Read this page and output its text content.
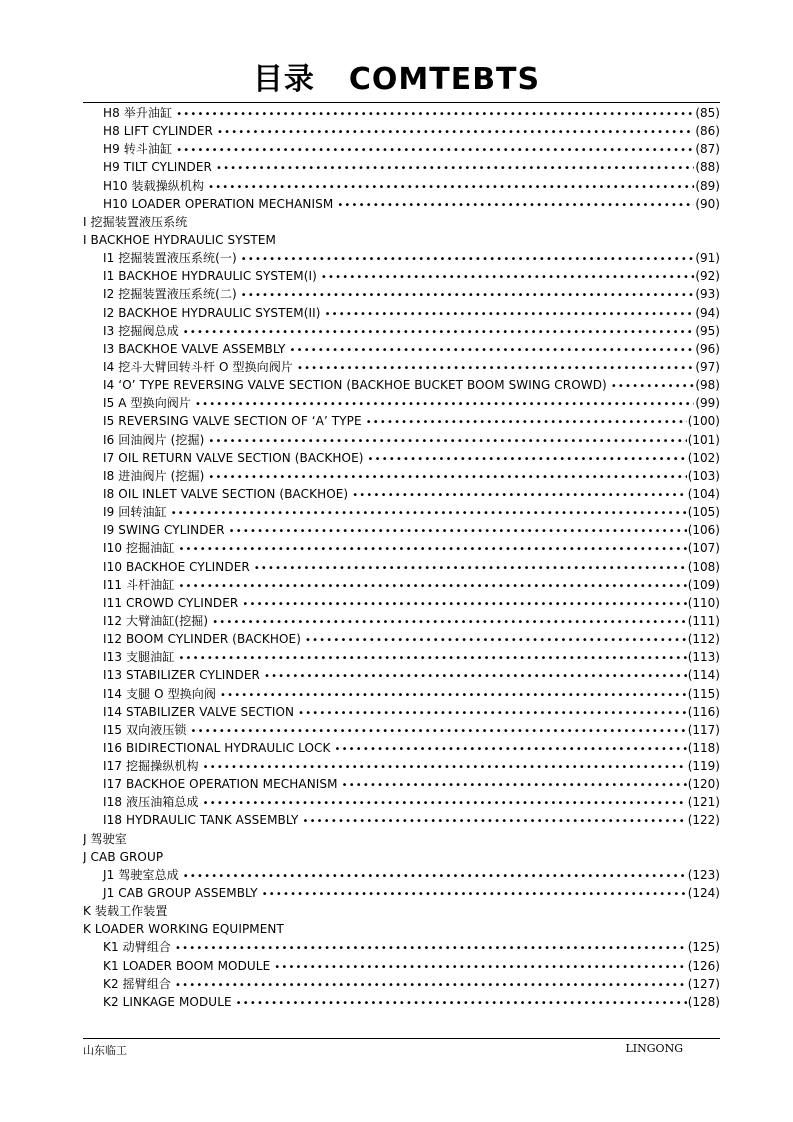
目录 COMTEBTS
H8 举升油缸 •••••	(85)
H8 LIFT CYLINDER •••••	(86)
H9 转斗油缸 •••••	(87)
H9 TILT CYLINDER •••••	(88)
H10 装载操纵机构 •••••	(89)
H10 LOADER OPERATION MECHANISM •••••	(90)
I 挖掘装置液压系统
I BACKHOE HYDRAULIC SYSTEM
I1 挖掘装置液压系统(一) •••••	(91)
I1 BACKHOE HYDRAULIC SYSTEM(I) •••••	(92)
I2 挖掘装置液压系统(二) •••••	(93)
I2 BACKHOE HYDRAULIC SYSTEM(II) •••••	(94)
I3 挖掘阀总成 •••••	(95)
I3 BACKHOE VALVE ASSEMBLY •••••	(96)
I4 挖斗大臂回转斗杆 O 型换向阀片 •••••	(97)
I4 ‘O’ TYPE REVERSING VALVE SECTION (BACKHOE BUCKET BOOM SWING CROWD) •••••	(98)
I5 A 型换向阀片 •••••	(99)
I5 REVERSING VALVE SECTION OF ‘A’ TYPE •••••	(100)
I6 回油阀片 (挖掘) •••••	(101)
I7 OIL RETURN VALVE SECTION (BACKHOE) •••••	(102)
I8 进油阀片 (挖掘) •••••	(103)
I8 OIL INLET VALVE SECTION (BACKHOE) •••••	(104)
I9 回转油缸 •••••	(105)
I9 SWING CYLINDER •••••	(106)
I10 挖掘油缸 •••••	(107)
I10 BACKHOE CYLINDER •••••	(108)
I11 斗杆油缸 •••••	(109)
I11 CROWD CYLINDER •••••	(110)
I12 大臂油缸(挖掘) •••••	(111)
I12 BOOM CYLINDER (BACKHOE) •••••	(112)
I13 支腿油缸 •••••	(113)
I13 STABILIZER CYLINDER •••••	(114)
I14 支腿 O 型换向阀 •••••	(115)
I14 STABILIZER VALVE SECTION •••••	(116)
I15 双向液压锁 •••••	(117)
I16 BIDIRECTIONAL HYDRAULIC LOCK •••••	(118)
I17 挖掘操纵机构 •••••	(119)
I17 BACKHOE OPERATION MECHANISM •••••	(120)
I18 液压油箱总成 •••••	(121)
I18 HYDRAULIC TANK ASSEMBLY •••••	(122)
J 驾驶室
J CAB GROUP
J1 驾驶室总成 •••••	(123)
J1 CAB GROUP ASSEMBLY •••••	(124)
K 装载工作装置
K LOADER WORKING EQUIPMENT
K1 动臂组合 •••••	(125)
K1 LOADER BOOM MODULE •••••	(126)
K2 摇臂组合 •••••	(127)
K2 LINKAGE MODULE •••••	(128)
山东临工	LINGONG
